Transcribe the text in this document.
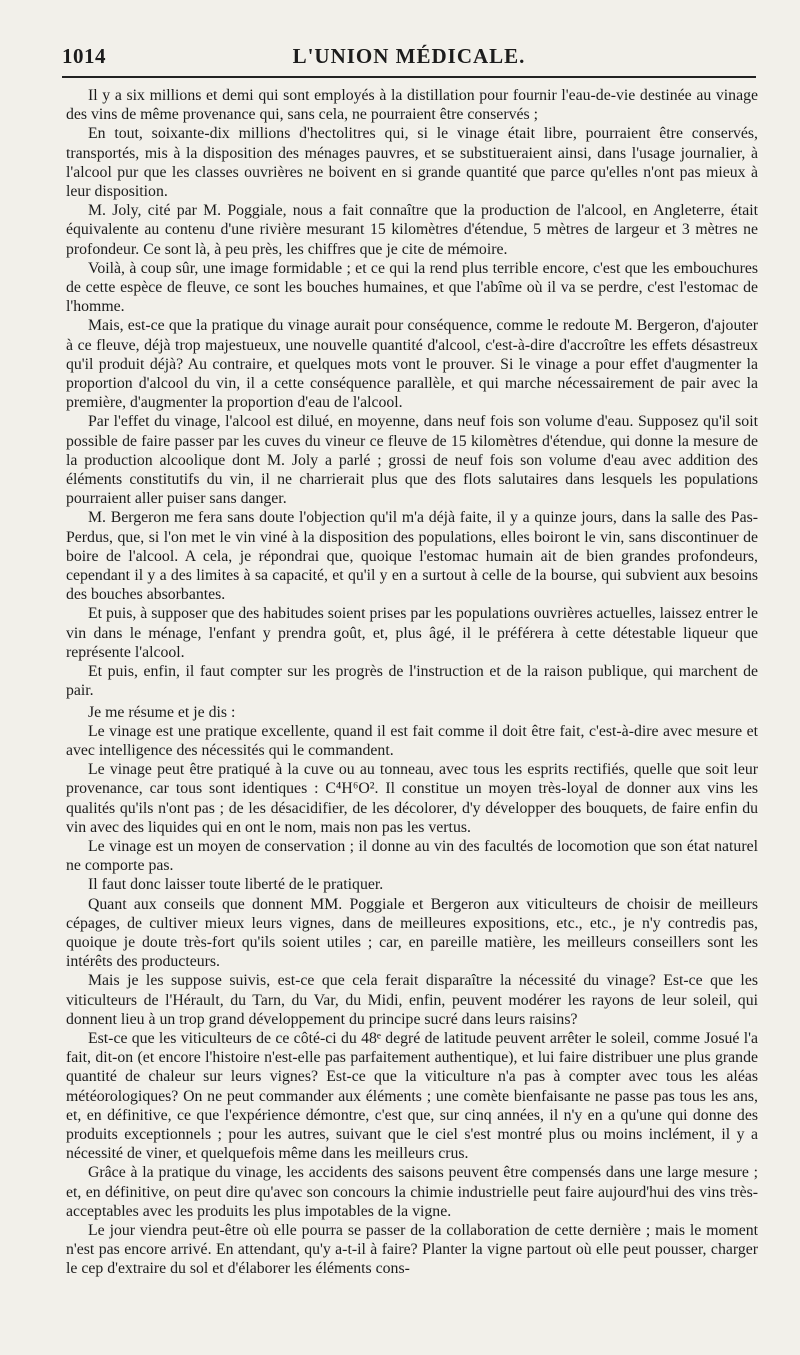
1014	L'UNION MÉDICALE.

Il y a six millions et demi qui sont employés à la distillation pour fournir l'eau-de-vie destinée au vinage des vins de même provenance qui, sans cela, ne pourraient être conservés ;

En tout, soixante-dix millions d'hectolitres qui, si le vinage était libre, pourraient être conservés, transportés, mis à la disposition des ménages pauvres, et se substitueraient ainsi, dans l'usage journalier, à l'alcool pur que les classes ouvrières ne boivent en si grande quantité que parce qu'elles n'ont pas mieux à leur disposition.

M. Joly, cité par M. Poggiale, nous a fait connaître que la production de l'alcool, en Angleterre, était équivalente au contenu d'une rivière mesurant 15 kilomètres d'étendue, 5 mètres de largeur et 3 mètres ne profondeur. Ce sont là, à peu près, les chiffres que je cite de mémoire.

Voilà, à coup sûr, une image formidable ; et ce qui la rend plus terrible encore, c'est que les embouchures de cette espèce de fleuve, ce sont les bouches humaines, et que l'abîme où il va se perdre, c'est l'estomac de l'homme.

Mais, est-ce que la pratique du vinage aurait pour conséquence, comme le redoute M. Bergeron, d'ajouter à ce fleuve, déjà trop majestueux, une nouvelle quantité d'alcool, c'est-à-dire d'accroître les effets désastreux qu'il produit déjà? Au contraire, et quelques mots vont le prouver. Si le vinage a pour effet d'augmenter la proportion d'alcool du vin, il a cette conséquence parallèle, et qui marche nécessairement de pair avec la première, d'augmenter la proportion d'eau de l'alcool.

Par l'effet du vinage, l'alcool est dilué, en moyenne, dans neuf fois son volume d'eau. Supposez qu'il soit possible de faire passer par les cuves du vineur ce fleuve de 15 kilomètres d'étendue, qui donne la mesure de la production alcoolique dont M. Joly a parlé ; grossi de neuf fois son volume d'eau avec addition des éléments constitutifs du vin, il ne charrierait plus que des flots salutaires dans lesquels les populations pourraient aller puiser sans danger.

M. Bergeron me fera sans doute l'objection qu'il m'a déjà faite, il y a quinze jours, dans la salle des Pas-Perdus, que, si l'on met le vin viné à la disposition des populations, elles boiront le vin, sans discontinuer de boire de l'alcool. A cela, je répondrai que, quoique l'estomac humain ait de bien grandes profondeurs, cependant il y a des limites à sa capacité, et qu'il y en a surtout à celle de la bourse, qui subvient aux besoins des bouches absorbantes.

Et puis, à supposer que des habitudes soient prises par les populations ouvrières actuelles, laissez entrer le vin dans le ménage, l'enfant y prendra goût, et, plus âgé, il le préférera à cette détestable liqueur que représente l'alcool.

Et puis, enfin, il faut compter sur les progrès de l'instruction et de la raison publique, qui marchent de pair.

Je me résume et je dis :

Le vinage est une pratique excellente, quand il est fait comme il doit être fait, c'est-à-dire avec mesure et avec intelligence des nécessités qui le commandent.

Le vinage peut être pratiqué à la cuve ou au tonneau, avec tous les esprits rectifiés, quelle que soit leur provenance, car tous sont identiques : C⁴H⁶O². Il constitue un moyen très-loyal de donner aux vins les qualités qu'ils n'ont pas ; de les désacidifier, de les décolorer, d'y développer des bouquets, de faire enfin du vin avec des liquides qui en ont le nom, mais non pas les vertus.

Le vinage est un moyen de conservation ; il donne au vin des facultés de locomotion que son état naturel ne comporte pas.

Il faut donc laisser toute liberté de le pratiquer.

Quant aux conseils que donnent MM. Poggiale et Bergeron aux viticulteurs de choisir de meilleurs cépages, de cultiver mieux leurs vignes, dans de meilleures expositions, etc., etc., je n'y contredis pas, quoique je doute très-fort qu'ils soient utiles ; car, en pareille matière, les meilleurs conseillers sont les intérêts des producteurs.

Mais je les suppose suivis, est-ce que cela ferait disparaître la nécessité du vinage? Est-ce que les viticulteurs de l'Hérault, du Tarn, du Var, du Midi, enfin, peuvent modérer les rayons de leur soleil, qui donnent lieu à un trop grand développement du principe sucré dans leurs raisins?

Est-ce que les viticulteurs de ce côté-ci du 48ᵉ degré de latitude peuvent arrêter le soleil, comme Josué l'a fait, dit-on (et encore l'histoire n'est-elle pas parfaitement authentique), et lui faire distribuer une plus grande quantité de chaleur sur leurs vignes? Est-ce que la viticulture n'a pas à compter avec tous les aléas météorologiques? On ne peut commander aux éléments ; une comète bienfaisante ne passe pas tous les ans, et, en définitive, ce que l'expérience démontre, c'est que, sur cinq années, il n'y en a qu'une qui donne des produits exceptionnels ; pour les autres, suivant que le ciel s'est montré plus ou moins inclément, il y a nécessité de viner, et quelquefois même dans les meilleurs crus.

Grâce à la pratique du vinage, les accidents des saisons peuvent être compensés dans une large mesure ; et, en définitive, on peut dire qu'avec son concours la chimie industrielle peut faire aujourd'hui des vins très-acceptables avec les produits les plus impotables de la vigne.

Le jour viendra peut-être où elle pourra se passer de la collaboration de cette dernière ; mais le moment n'est pas encore arrivé. En attendant, qu'y a-t-il à faire? Planter la vigne partout où elle peut pousser, charger le cep d'extraire du sol et d'élaborer les éléments cons-
